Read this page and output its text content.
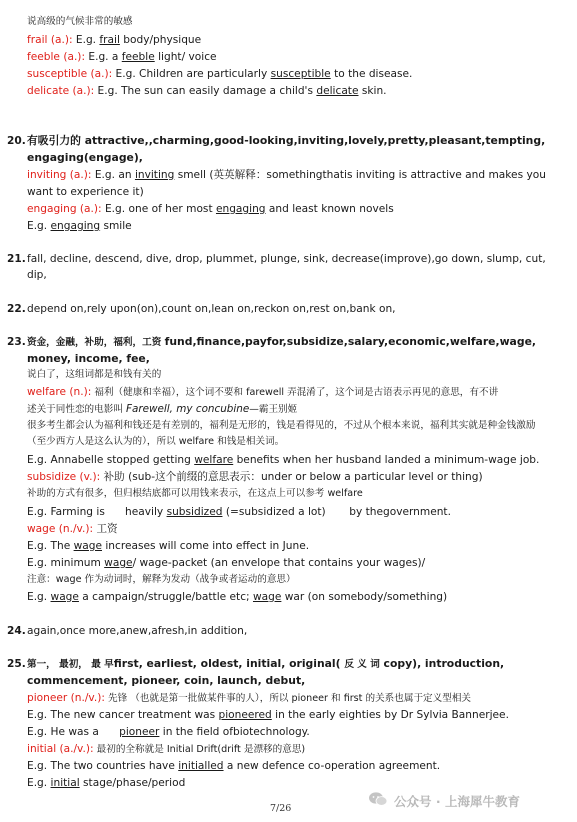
说高级的气候非常的敏感
frail (a.): E.g. frail body/physique
feeble (a.): E.g. a feeble light/ voice
susceptible (a.): E.g. Children are particularly susceptible to the disease.
delicate (a.): E.g. The sun can easily damage a child's delicate skin.
20. 有吸引力的 attractive,,charming,good-looking,inviting,lovely,pretty,pleasant,tempting,
engaging(engage),
inviting (a.): E.g. an inviting smell (英英解释：somethingthatis inviting is attractive and makes you
want to experience it)
engaging (a.): E.g. one of her most engaging and least known novels
E.g. engaging smile
21. fall, decline, descend, dive, drop, plummet, plunge, sink, decrease(improve),go down, slump, cut,
dip,
22. depend on,rely upon(on),count on,lean on,reckon on,rest on,bank on,
23. 资金，金融，补助，福利，工资 fund,finance,payfor,subsidize,salary,economic,welfare,wage,
money, income, fee,
说白了，这组词都是和钱有关的
welfare (n.): 福利（健康和幸福），这个词不要和 farewell 弄混淆了，这个词是古语表示再见的意思，有不讲
述关于同性恋的电影叫 Farewell, my concubine—霸王别姬
很多考生都会认为福利和钱还是有差别的，福利是无形的，钱是看得见的，不过从个根本来说，福利其实就是种金钱激励
（至少西方人是这么认为的），所以 welfare 和钱是相关词。
E.g. Annabelle stopped getting welfare benefits when her husband landed a minimum-wage job.
subsidize (v.): 补助 (sub-这个前缀的意思表示：under or below a particular level or thing)
补助的方式有很多，但归根结底都可以用钱来表示，在这点上可以参考 welfare
E.g. Farming is      heavily subsidized (=subsidized a lot)       by thegovernment.
wage (n./v.): 工资
E.g. The wage increases will come into effect in June.
E.g. minimum wage/ wage-packet (an envelope that contains your wages)/
注意：wage 作为动词时，解释为发动（战争或者运动的意思）
E.g. wage a campaign/struggle/battle etc; wage war (on somebody/something)
24. again,once more,anew,afresh,in addition,
25. 第一， 最初， 最 早first, earliest, oldest, initial, original( 反 义 词 copy), introduction,
commencement, pioneer, coin, launch, debut,
pioneer (n./v.): 先锋 （也就是第一批做某件事的人），所以 pioneer 和 first 的关系也属于定义型相关
E.g. The new cancer treatment was pioneered in the early eighties by Dr Sylvia Bannerjee.
E.g. He was a      pioneer in the field ofbiotechnology.
initial (a./v.): 最初的全称就是 Initial Drift(drift 是漂移的意思)
E.g. The two countries have initialled a new defence co-operation agreement.
E.g. initial stage/phase/period
7/26	公众号 · 上海犀牛教育
